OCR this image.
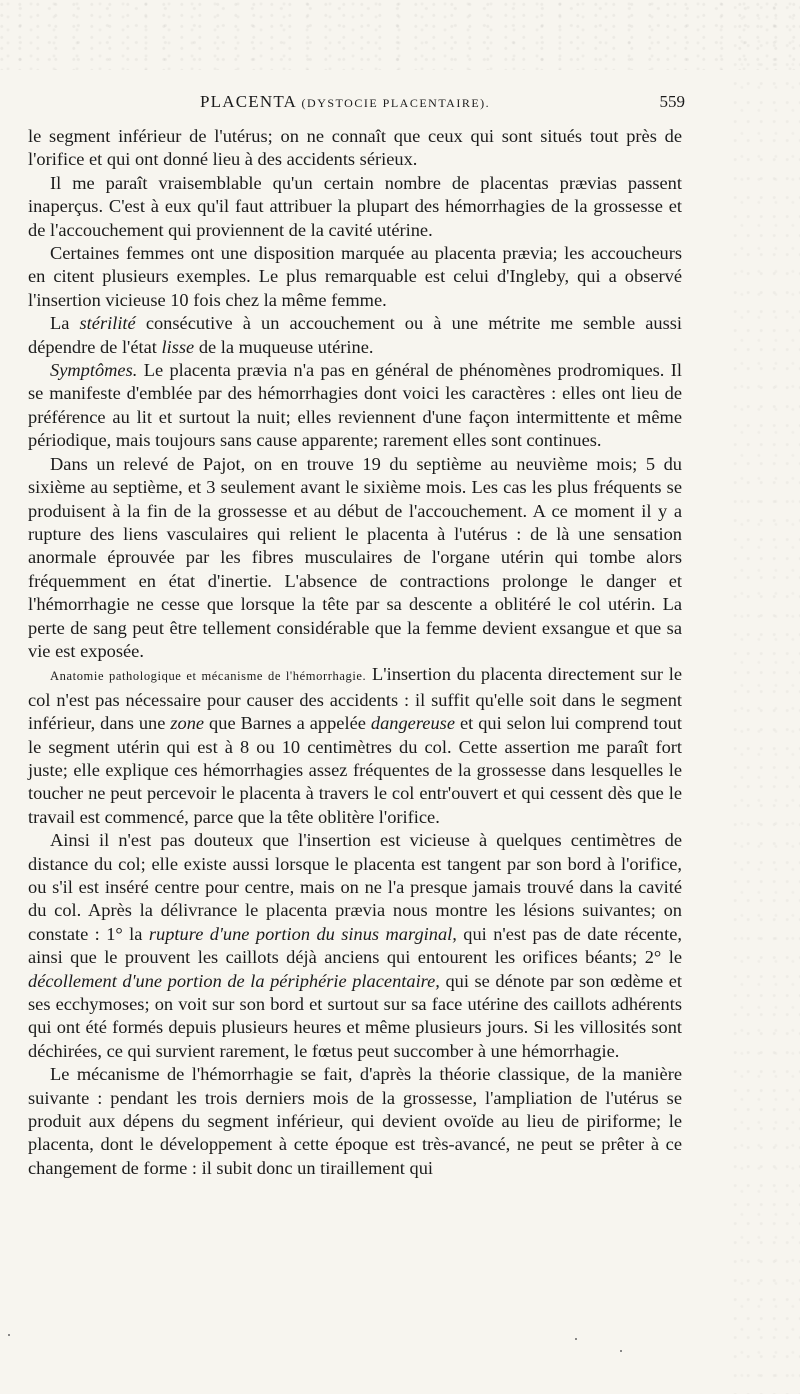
PLACENTA (DYSTOCIE PLACENTAIRE).	559

le segment inférieur de l'utérus; on ne connaît que ceux qui sont situés tout près de l'orifice et qui ont donné lieu à des accidents sérieux.

Il me paraît vraisemblable qu'un certain nombre de placentas prævias passent inaperçus. C'est à eux qu'il faut attribuer la plupart des hémorrhagies de la grossesse et de l'accouchement qui proviennent de la cavité utérine.

Certaines femmes ont une disposition marquée au placenta prævia; les accoucheurs en citent plusieurs exemples. Le plus remarquable est celui d'Ingleby, qui a observé l'insertion vicieuse 10 fois chez la même femme.

La stérilité consécutive à un accouchement ou à une métrite me semble aussi dépendre de l'état lisse de la muqueuse utérine.

Symptômes. Le placenta prævia n'a pas en général de phénomènes prodromiques. Il se manifeste d'emblée par des hémorrhagies dont voici les caractères : elles ont lieu de préférence au lit et surtout la nuit; elles reviennent d'une façon intermittente et même périodique, mais toujours sans cause apparente; rarement elles sont continues.

Dans un relevé de Pajot, on en trouve 19 du septième au neuvième mois; 5 du sixième au septième, et 3 seulement avant le sixième mois. Les cas les plus fréquents se produisent à la fin de la grossesse et au début de l'accouchement. A ce moment il y a rupture des liens vasculaires qui relient le placenta à l'utérus : de là une sensation anormale éprouvée par les fibres musculaires de l'organe utérin qui tombe alors fréquemment en état d'inertie. L'absence de contractions prolonge le danger et l'hémorrhagie ne cesse que lorsque la tête par sa descente a oblitéré le col utérin. La perte de sang peut être tellement considérable que la femme devient exsangue et que sa vie est exposée.

Anatomie pathologique et mécanisme de l'hémorrhagie. L'insertion du placenta directement sur le col n'est pas nécessaire pour causer des accidents : il suffit qu'elle soit dans le segment inférieur, dans une zone que Barnes a appelée dangereuse et qui selon lui comprend tout le segment utérin qui est à 8 ou 10 centimètres du col. Cette assertion me paraît fort juste; elle explique ces hémorrhagies assez fréquentes de la grossesse dans lesquelles le toucher ne peut percevoir le placenta à travers le col entr'ouvert et qui cessent dès que le travail est commencé, parce que la tête oblitère l'orifice.

Ainsi il n'est pas douteux que l'insertion est vicieuse à quelques centimètres de distance du col; elle existe aussi lorsque le placenta est tangent par son bord à l'orifice, ou s'il est inséré centre pour centre, mais on ne l'a presque jamais trouvé dans la cavité du col. Après la délivrance le placenta prævia nous montre les lésions suivantes; on constate : 1° la rupture d'une portion du sinus marginal, qui n'est pas de date récente, ainsi que le prouvent les caillots déjà anciens qui entourent les orifices béants; 2° le décollement d'une portion de la périphérie placentaire, qui se dénote par son œdème et ses ecchymoses; on voit sur son bord et surtout sur sa face utérine des caillots adhérents qui ont été formés depuis plusieurs heures et même plusieurs jours. Si les villosités sont déchirées, ce qui survient rarement, le fœtus peut succomber à une hémorrhagie.

Le mécanisme de l'hémorrhagie se fait, d'après la théorie classique, de la manière suivante : pendant les trois derniers mois de la grossesse, l'ampliation de l'utérus se produit aux dépens du segment inférieur, qui devient ovoïde au lieu de piriforme; le placenta, dont le développement à cette époque est très-avancé, ne peut se prêter à ce changement de forme : il subit donc un tiraillement qui
